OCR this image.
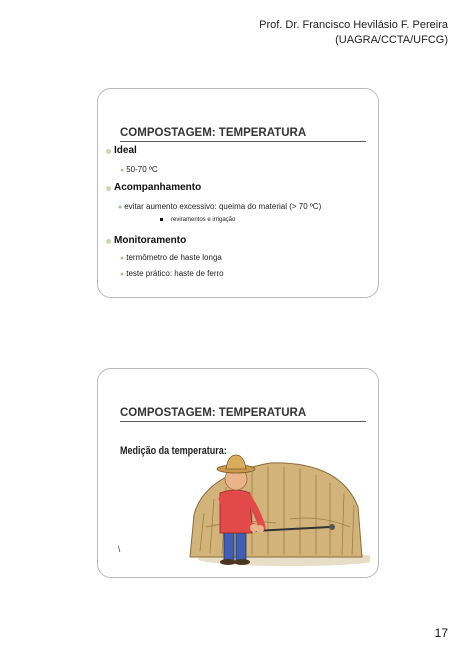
Prof. Dr. Francisco Hevilásio F. Pereira
(UAGRA/CCTA/UFCG)
COMPOSTAGEM: TEMPERATURA
Ideal
● 50-70 ºC
Acompanhamento
● evitar aumento excessivo: queima do material (> 70 ºC)
reviramentos e irrigação
Monitoramento
● termômetro de haste longa
● teste prático: haste de ferro
COMPOSTAGEM: TEMPERATURA
Medição da temperatura:
\
17
